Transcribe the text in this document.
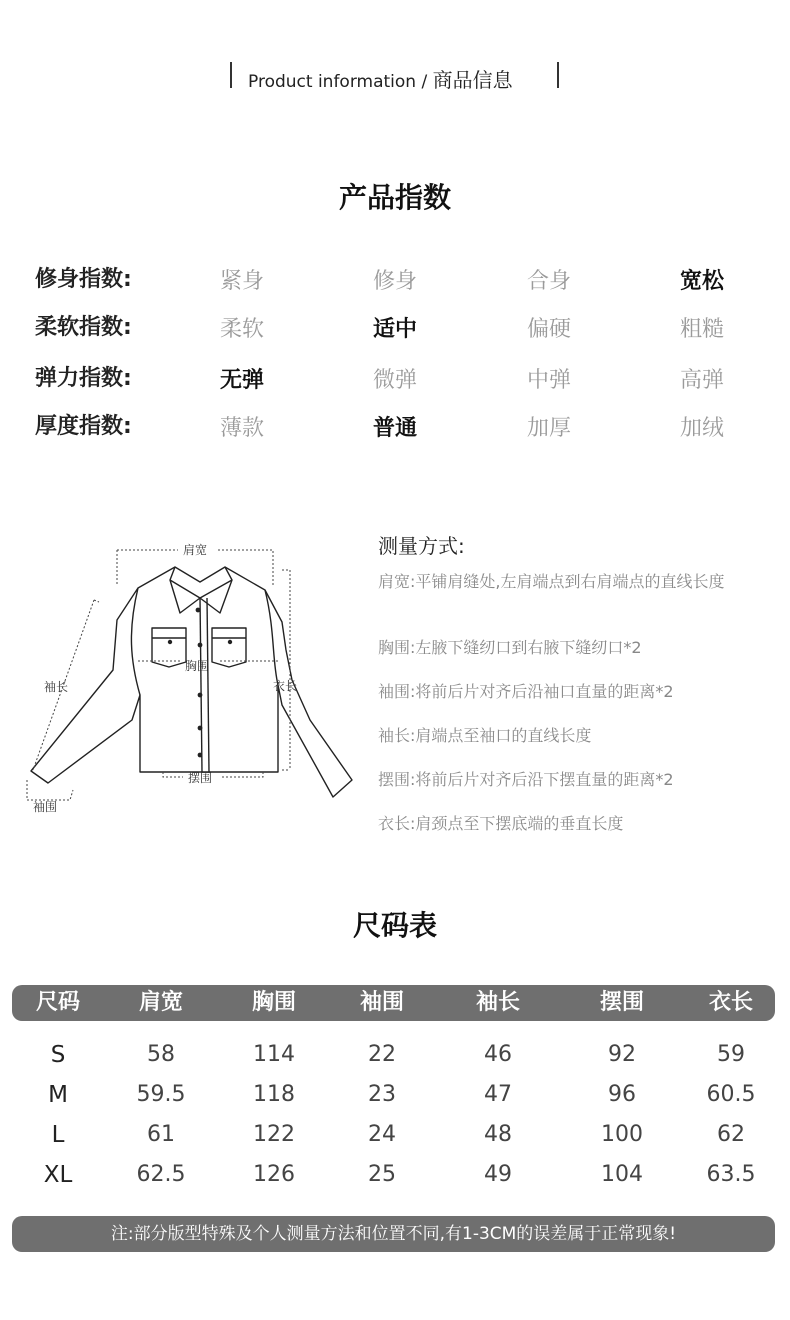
Product information / 商品信息
产品指数
修身指数:	紧身	修身	合身	宽松
柔软指数:	柔软	适中	偏硬	粗糙
弹力指数:	无弹	微弹	中弹	高弹
厚度指数:	薄款	普通	加厚	加绒
肩宽
胸围
袖长	衣长
摆围
袖围
测量方式:
肩宽:平铺肩缝处,左肩端点到右肩端点的直线长度
胸围:左腋下缝纫口到右腋下缝纫口*2
袖围:将前后片对齐后沿袖口直量的距离*2
袖长:肩端点至袖口的直线长度
摆围:将前后片对齐后沿下摆直量的距离*2
衣长:肩颈点至下摆底端的垂直长度
尺码表
尺码	肩宽	胸围	袖围	袖长	摆围	衣长
S	58	114	22	46	92	59
M	59.5	118	23	47	96	60.5
L	61	122	24	48	100	62
XL	62.5	126	25	49	104	63.5
注:部分版型特殊及个人测量方法和位置不同,有1-3CM的误差属于正常现象!
